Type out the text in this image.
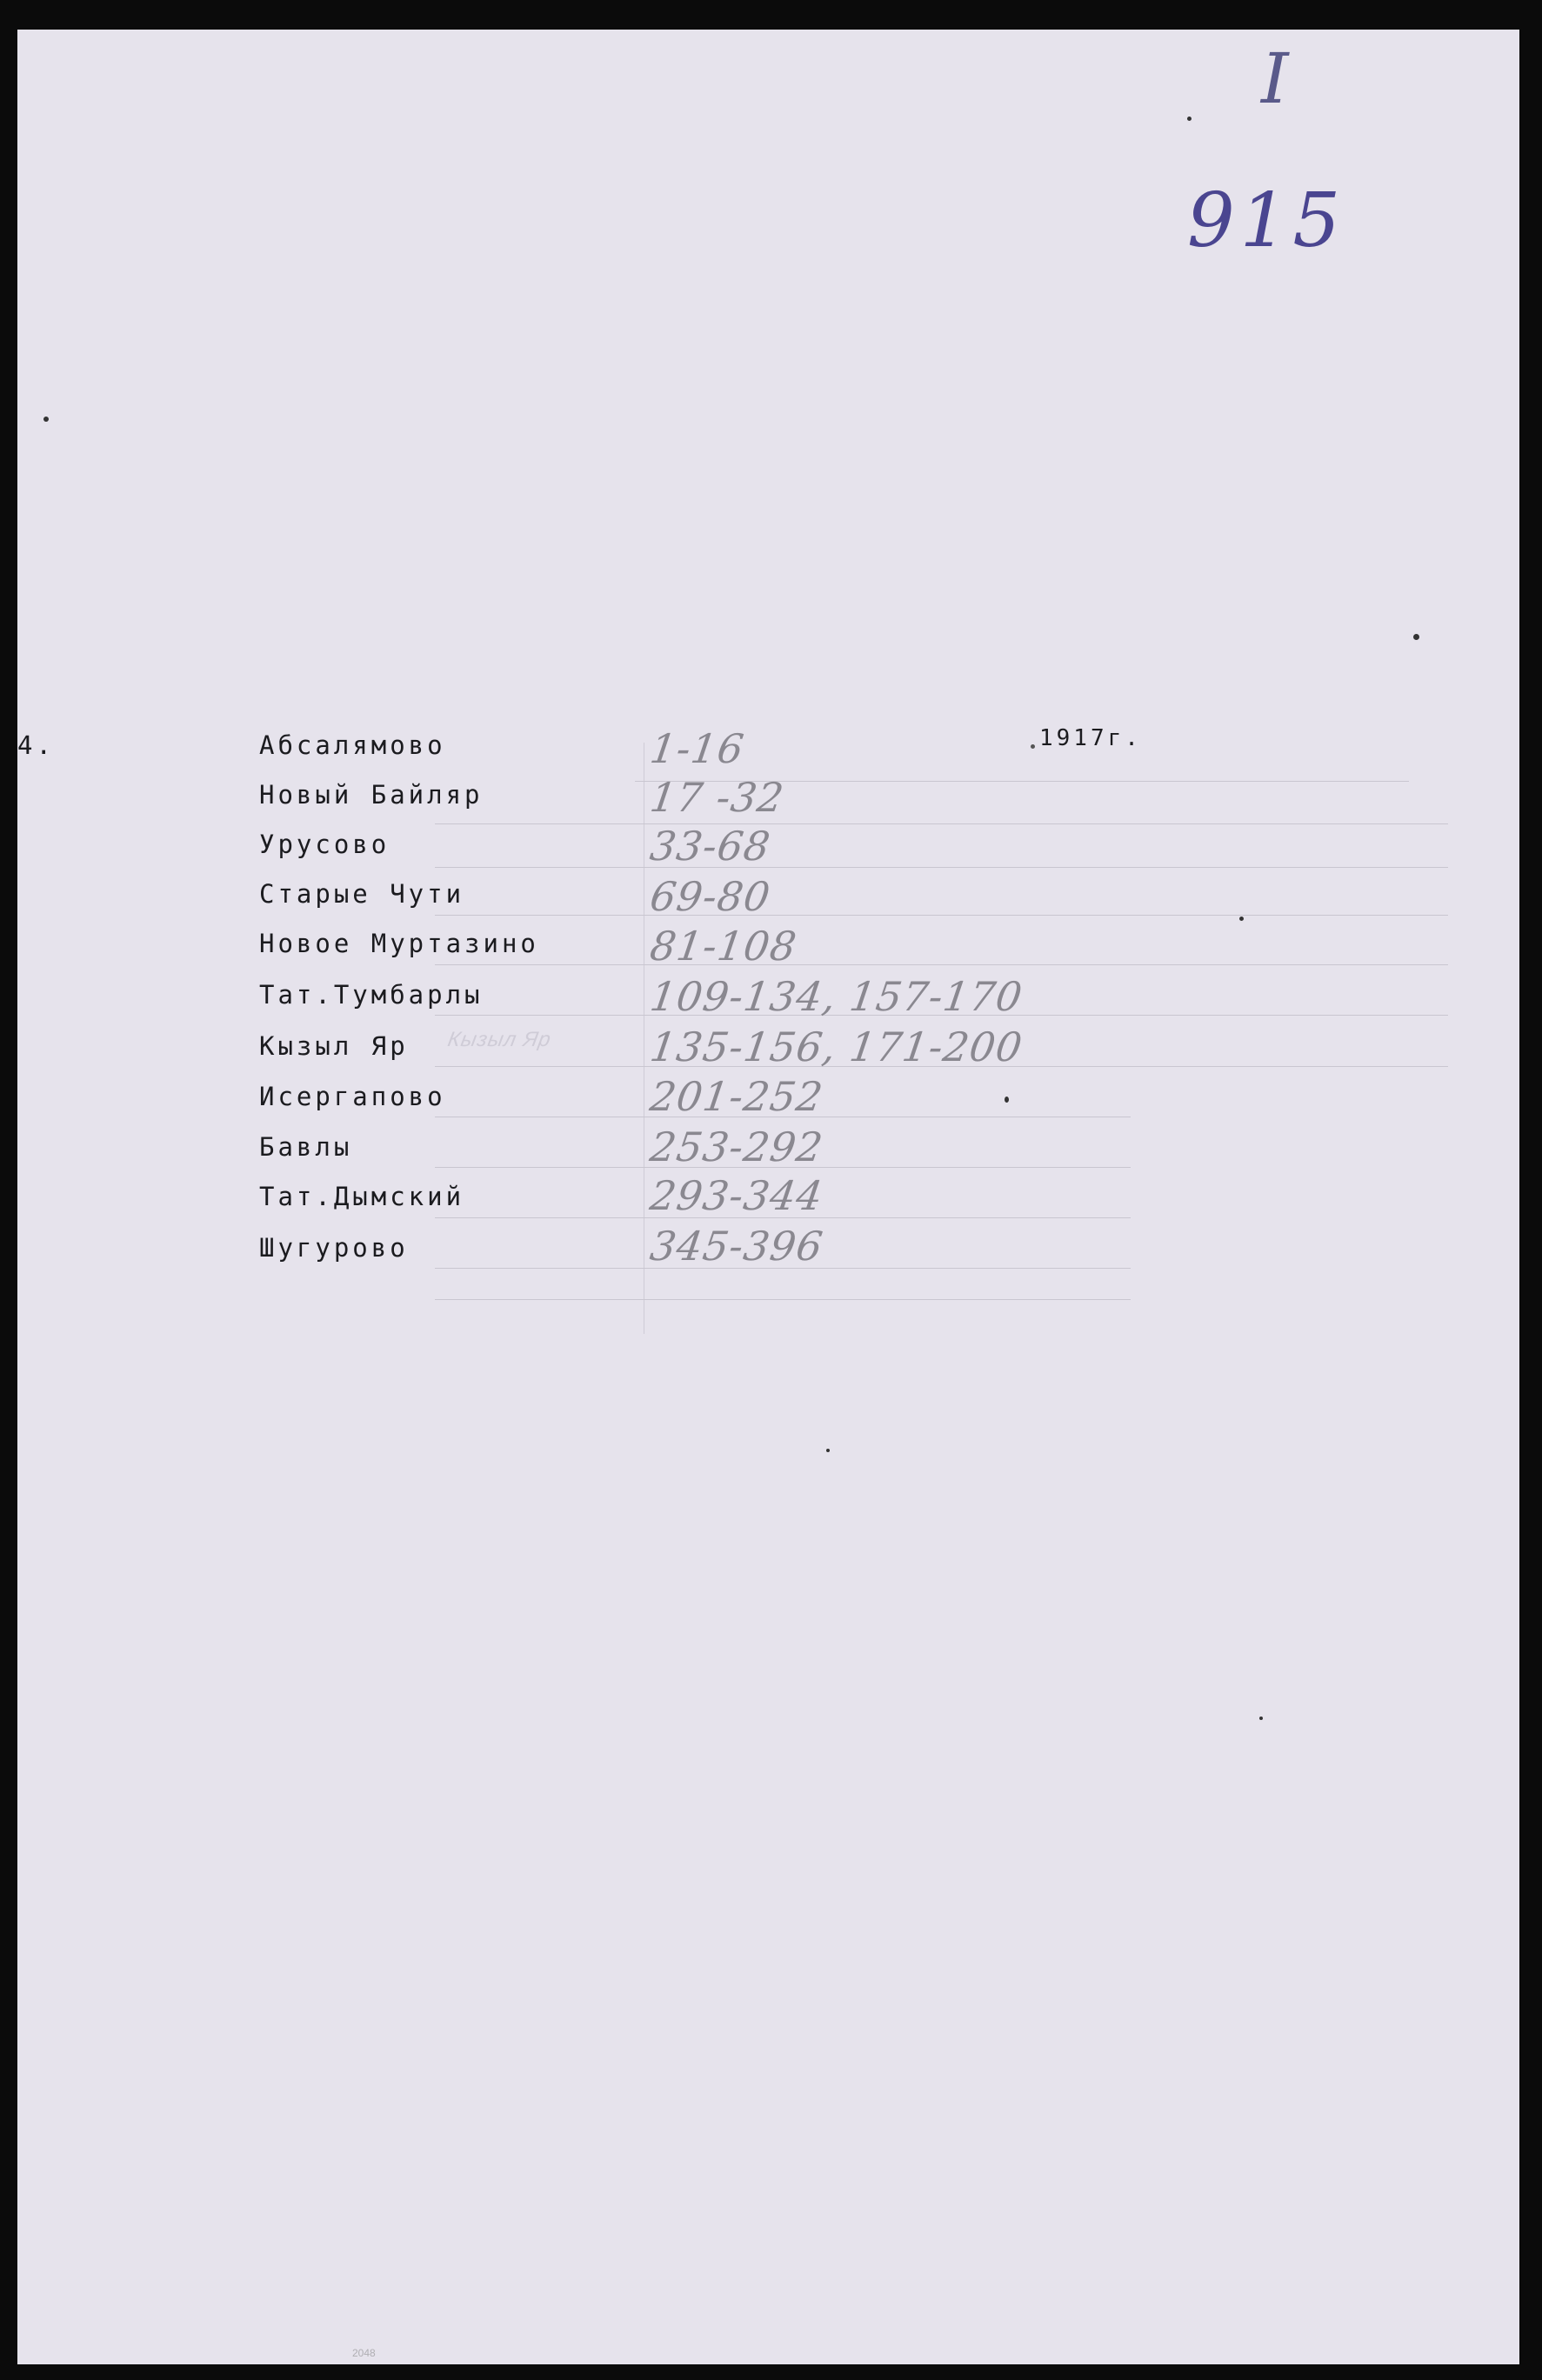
I
915
4.	1917г.
Кызыл Яр
Абсалямово
Новый Байляр
Урусово
Старые Чути
Новое Муртазино
Тат.Тумбарлы
Кызыл Яр
Исергапово
Бавлы
Тат.Дымский
Шугурово
1-16
17 -32
33-68
69-80
81-108
109-134, 157-170
135-156, 171-200
201-252
253-292
293-344
345-396
2048
